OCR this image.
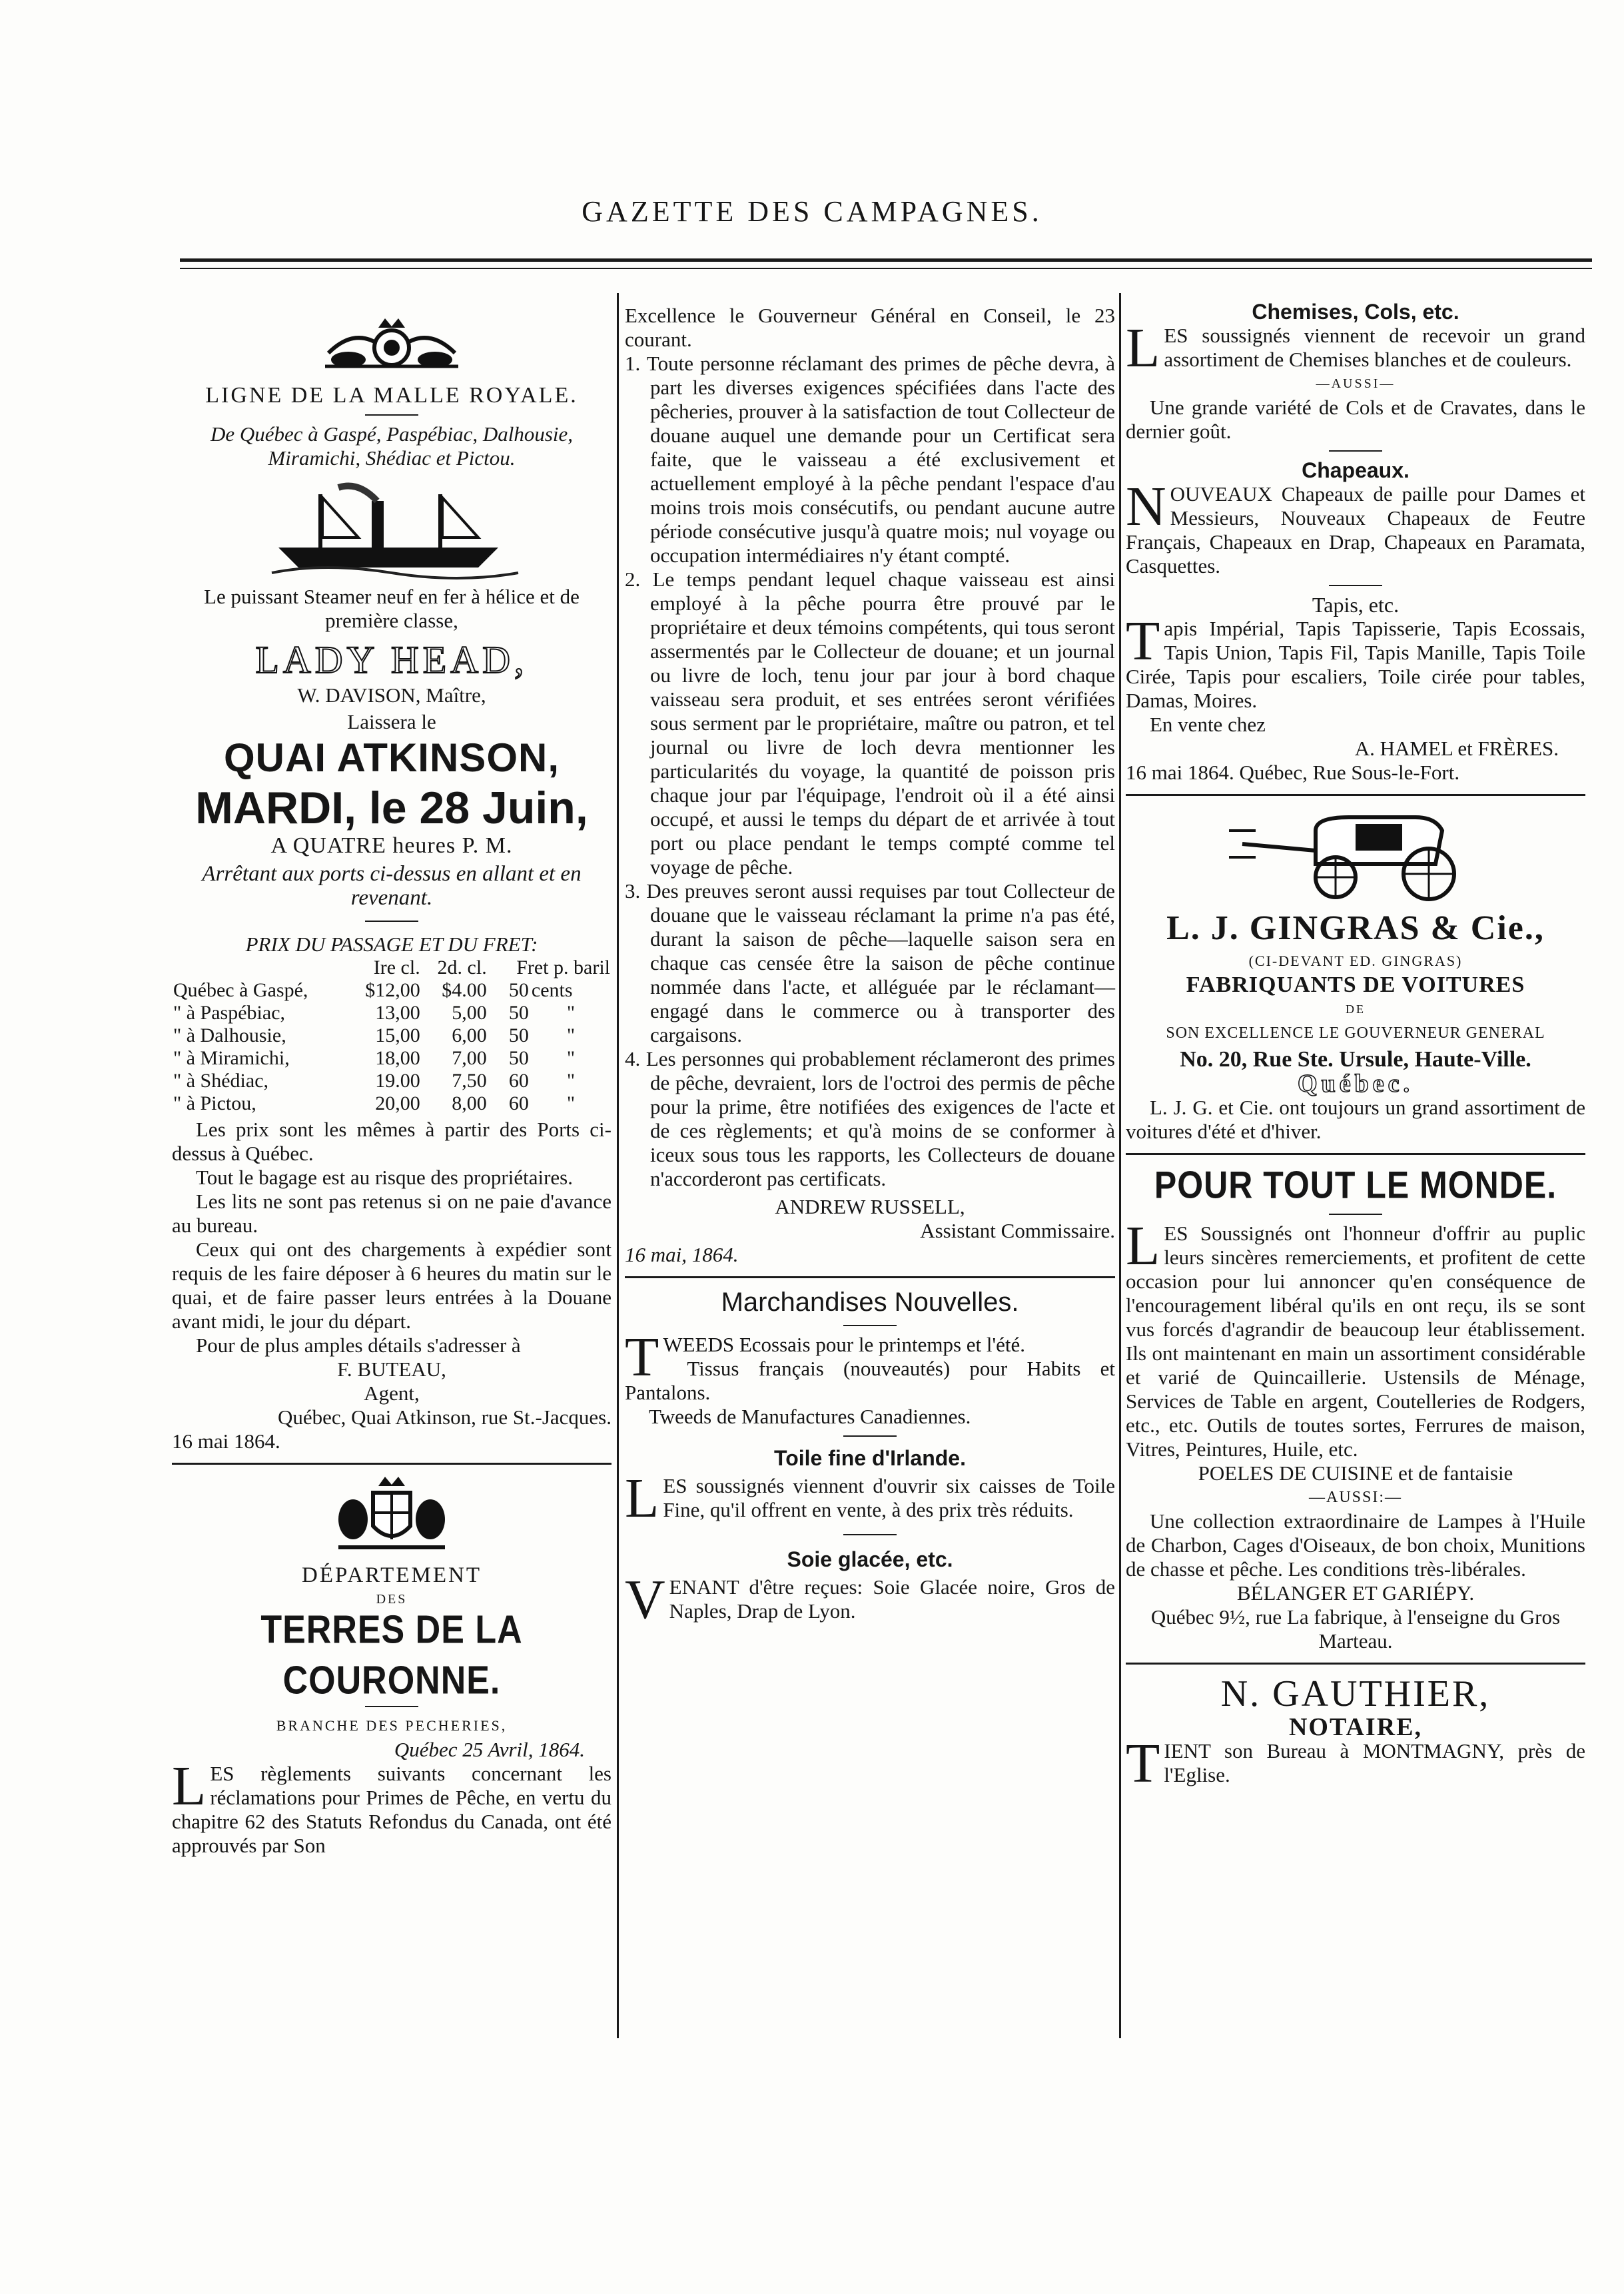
GAZETTE DES CAMPAGNES.
LIGNE DE LA MALLE ROYALE.
De Québec à Gaspé, Paspébiac, Dalhousie, Miramichi, Shédiac et Pictou.

Le puissant Steamer neuf en fer à hélice et de première classe,

LADY HEAD,
W. DAVISON, Maître,
Laissera le
QUAI ATKINSON,
MARDI, le 28 Juin,
A QUATRE heures P. M.
Arrêtant aux ports ci-dessus en allant et en revenant.
PRIX DU PASSAGE ET DU FRET:
	Ire cl.	2d. cl.	Fret p. baril	
Québec à Gaspé,	$12,00	$4.00	50	cents
" à Paspébiac,	13,00	5,00	50	"
" à Dalhousie,	15,00	6,00	50	"
" à Miramichi,	18,00	7,00	50	"
" à Shédiac,	19.00	7,50	60	"
" à Pictou,	20,00	8,00	60	"

Les prix sont les mêmes à partir des Ports ci-dessus à Québec.

Tout le bagage est au risque des propriétaires.

Les lits ne sont pas retenus si on ne paie d'avance au bureau.

Ceux qui ont des chargements à expédier sont requis de les faire déposer à 6 heures du matin sur le quai, et de faire passer leurs entrées à la Douane avant midi, le jour du départ.

Pour de plus amples détails s'adresser à

F. BUTEAU,
Agent,
Québec, Quai Atkinson, rue St.-Jacques.
16 mai 1864.
DÉPARTEMENT
DES
TERRES DE LA COURONNE.
BRANCHE DES PECHERIES,
Québec 25 Avril, 1864.

LES règlements suivants concernant les réclamations pour Primes de Pêche, en vertu du chapitre 62 des Statuts Refondus du Canada, ont été approuvés par Son

Excellence le Gouverneur Général en Conseil, le 23 courant.

1. Toute personne réclamant des primes de pêche devra, à part les diverses exigences spécifiées dans l'acte des pêcheries, prouver à la satisfaction de tout Collecteur de douane auquel une demande pour un Certificat sera faite, que le vaisseau a été exclusivement et actuellement employé à la pêche pendant l'espace d'au moins trois mois consécutifs, ou pendant aucune autre période consécutive jusqu'à quatre mois; nul voyage ou occupation intermédiaires n'y étant compté.

2. Le temps pendant lequel chaque vaisseau est ainsi employé à la pêche pourra être prouvé par le propriétaire et deux témoins compétents, qui tous seront assermentés par le Collecteur de douane; et un journal ou livre de loch, tenu jour par jour à bord chaque vaisseau sera produit, et ses entrées seront vérifiées sous serment par le propriétaire, maître ou patron, et tel journal ou livre de loch devra mentionner les particularités du voyage, la quantité de poisson pris chaque jour par l'équipage, l'endroit où il a été ainsi occupé, et aussi le temps du départ de et arrivée à tout port ou place pendant le temps compté comme tel voyage de pêche.

3. Des preuves seront aussi requises par tout Collecteur de douane que le vaisseau réclamant la prime n'a pas été, durant la saison de pêche—laquelle saison sera en chaque cas censée être la saison de pêche continue nommée dans l'acte, et alléguée par le réclamant—engagé dans le commerce ou à transporter des cargaisons.

4. Les personnes qui probablement réclameront des primes de pêche, devraient, lors de l'octroi des permis de pêche pour la prime, être notifiées des exigences de l'acte et de ces règlements; et qu'à moins de se conformer à iceux sous tous les rapports, les Collecteurs de douane n'accorderont pas certificats.

ANDREW RUSSELL,
Assistant Commissaire.
16 mai, 1864.
Marchandises Nouvelles.

TWEEDS Ecossais pour le printemps et l'été.

Tissus français (nouveautés) pour Habits et Pantalons.

Tweeds de Manufactures Canadiennes.

Toile fine d'Irlande.

LES soussignés viennent d'ouvrir six caisses de Toile Fine, qu'il offrent en vente, à des prix très réduits.

Soie glacée, etc.

VENANT d'être reçues: Soie Glacée noire, Gros de Naples, Drap de Lyon.

Chemises, Cols, etc.

LES soussignés viennent de recevoir un grand assortiment de Chemises blanches et de couleurs.

—AUSSI—

Une grande variété de Cols et de Cravates, dans le dernier goût.

Chapeaux.

NOUVEAUX Chapeaux de paille pour Dames et Messieurs, Nouveaux Chapeaux de Feutre Français, Chapeaux en Drap, Chapeaux en Paramata, Casquettes.

Tapis, etc.

Tapis Impérial, Tapis Tapisserie, Tapis Ecossais, Tapis Union, Tapis Fil, Tapis Manille, Tapis Toile Cirée, Tapis pour escaliers, Toile cirée pour tables, Damas, Moires.

En vente chez
A. HAMEL et FRÈRES.
16 mai 1864. Québec, Rue Sous-le-Fort.
L. J. GINGRAS & Cie.,
(CI-DEVANT ED. GINGRAS)
FABRIQUANTS DE VOITURES
DE
SON EXCELLENCE LE GOUVERNEUR GENERAL
No. 20, Rue Ste. Ursule, Haute-Ville.
Québec.

L. J. G. et Cie. ont toujours un grand assortiment de voitures d'été et d'hiver.

POUR TOUT LE MONDE.

LES Soussignés ont l'honneur d'offrir au puplic leurs sincères remerciements, et profitent de cette occasion pour lui annoncer qu'en conséquence de l'encouragement libéral qu'ils en ont reçu, ils se sont vus forcés d'agrandir de beaucoup leur établissement. Ils ont maintenant en main un assortiment considérable et varié de Quincaillerie. Ustensils de Ménage, Services de Table en argent, Coutelleries de Rodgers, etc., etc. Outils de toutes sortes, Ferrures de maison, Vitres, Peintures, Huile, etc.

POELES DE CUISINE et de fantaisie
—AUSSI:—

Une collection extraordinaire de Lampes à l'Huile de Charbon, Cages d'Oiseaux, de bon choix, Munitions de chasse et pêche. Les conditions très-libérales.

BÉLANGER ET GARIÉPY.

Québec 9½, rue La fabrique, à l'enseigne du Gros Marteau.

N. GAUTHIER,
NOTAIRE,

TIENT son Bureau à MONTMAGNY, près de l'Eglise.
